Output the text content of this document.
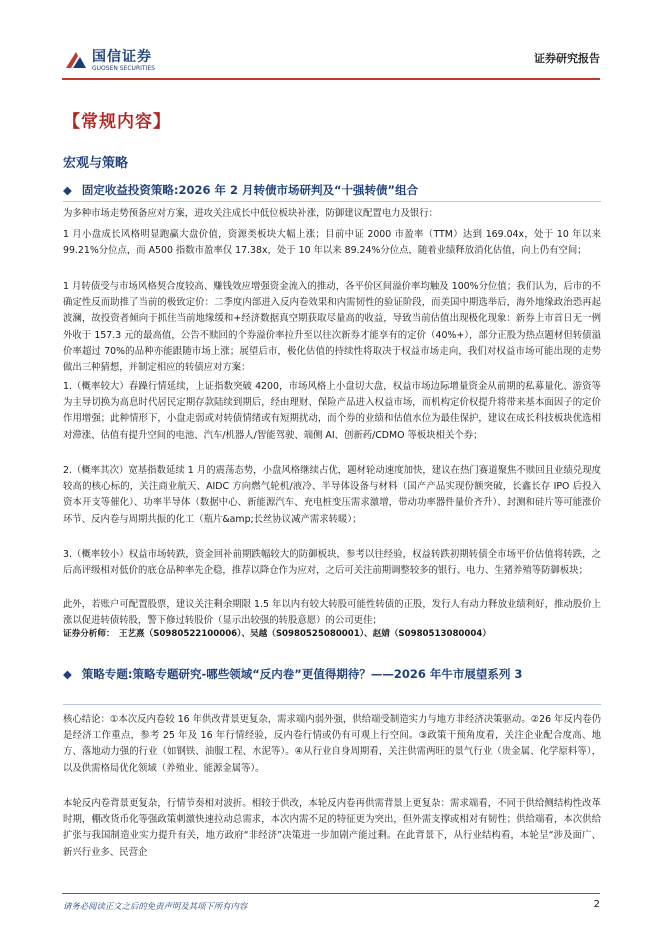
国信证券
GUOSEN SECURITIES
证券研究报告
【常规内容】
宏观与策略
◆ 固定收益投资策略:2026 年 2 月转债市场研判及“十强转债”组合
为多种市场走势预备应对方案，进攻关注成长中低位板块补涨，防御建议配置电力及银行：
1 月小盘成长风格明显跑赢大盘价值，资源类板块大幅上涨；目前中证 2000 市盈率（TTM）达到 169.04x，处于 10 年以来 99.21%分位点，而 A500 指数市盈率仅 17.38x，处于 10 年以来 89.24%分位点，随着业绩释放消化估值，向上仍有空间；
1 月转债受与市场风格契合度较高、赚钱效应增强资金流入的推动，各平价区间溢价率均触及 100%分位值；我们认为，后市的不确定性反而助推了当前的极致定价：二季度内部进入反内卷效果和内需韧性的验证阶段，而美国中期选举后，海外地缘政治恐再起波澜，故投资者倾向于抓住当前地缘缓和+经济数据真空期获取尽量高的收益，导致当前估值出现极化现象：新券上市首日无一例外收于 157.3 元的最高值，公告不赎回的个券溢价率拉升至以往次新券才能享有的定价（40%+），部分正股为热点题材但转债溢价率超过 70%的品种亦能跟随市场上涨；展望后市，极化估值的持续性将取决于权益市场走向，我们对权益市场可能出现的走势做出三种猜想，并制定相应的转债应对方案：
1.（概率较大）春躁行情延续，上证指数突破 4200，市场风格上小盘切大盘，权益市场边际增量资金从前期的私募量化、游资等为主导切换为高息时代居民定期存款陆续到期后，经由理财、保险产品进入权益市场，而机构定价权提升将带来基本面因子的定价作用增强；此种情形下，小盘走弱或对转债情绪或有短期扰动，而个券的业绩和估值水位为最佳保护，建议在成长科技板块优选相对滞涨、估值有提升空间的电池、汽车/机器人/智能驾驶、端侧 AI、创新药/CDMO 等板块相关个券；
2.（概率其次）宽基指数延续 1 月的震荡态势，小盘风格继续占优，题材轮动速度加快，建议在热门赛道聚焦不赎回且业绩兑现度较高的核心标的，关注商业航天、AIDC 方向燃气轮机/液冷、半导体设备与材料（国产产品实现份额突破，长鑫长存 IPO 后投入资本开支等催化）、功率半导体（数据中心、新能源汽车、充电桩变压需求激增，带动功率器件量价齐升）、封测和硅片等可能涨价环节、反内卷与周期共振的化工（瓶片&amp;长丝协议减产需求转暖）；
3.（概率较小）权益市场转跌，资金回补前期跌幅较大的防御板块，参考以往经验，权益转跌初期转债全市场平价估值将转跌，之后高评级相对低价的底仓品种率先企稳，推荐以降仓作为应对，之后可关注前期调整较多的银行、电力、生猪养殖等防御板块；
此外，若账户可配置股票，建议关注剩余期限 1.5 年以内有较大转股可能性转债的正股，发行人有动力释放业绩利好，推动股价上涨以促进转债转股，警下修过转股价（显示出较强的转股意愿）的公司更佳；
证券分析师：　王艺熹（S0980522100006）、吴越（S0980525080001）、赵婧（S0980513080004）
◆ 策略专题:策略专题研究-哪些领域“反内卷”更值得期待？——2026 年牛市展望系列 3
核心结论：①本次反内卷较 16 年供改背景更复杂，需求端内弱外强，供给端受制造实力与地方非经济决策驱动。②26 年反内卷仍是经济工作重点，参考 25 年及 16 年行情经验，反内卷行情或仍有可观上行空间。③政策干预角度看，关注企业配合度高、地方、落地动力强的行业（如钢铁、油服工程、水泥等）。④从行业自身周期看，关注供需两旺的景气行业（贵金属、化学原料等），以及供需格局优化领域（养殖业、能源金属等）。
本轮反内卷背景更复杂，行情节奏相对波折。相较于供改，本轮反内卷再供需背景上更复杂：需求端看，不同于供给侧结构性改革时期，棚改货币化等强政策刺激快速拉动总需求，本次内需不足的特征更为突出，但外需支撑或相对有韧性；供给端看，本次供给扩张与我国制造业实力提升有关，地方政府“非经济”决策进一步加剧产能过剩。在此背景下，从行业结构看，本轮呈“涉及面广、新兴行业多、民营企
请务必阅读正文之后的免责声明及其项下所有内容	2
